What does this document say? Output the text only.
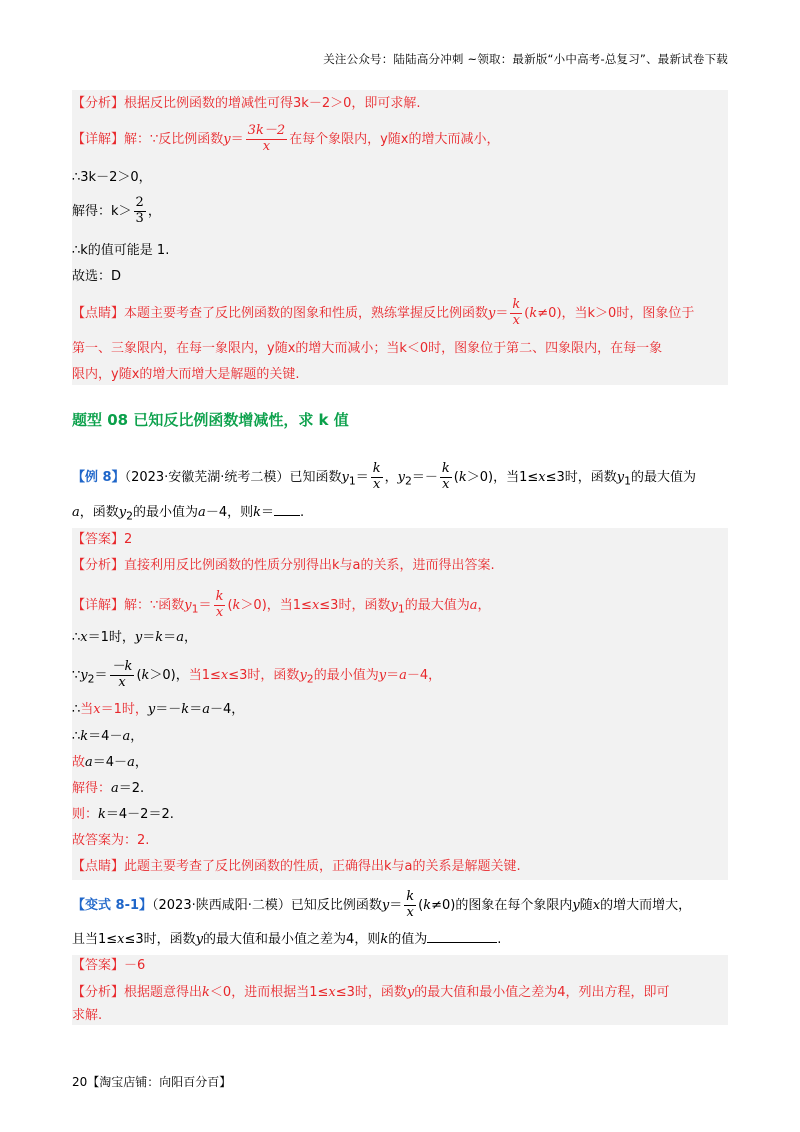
关注公众号：陆陆高分冲刺 ~领取：最新版“小中高考-总复习”、最新试卷下载
【分析】根据反比例函数的增减性可得3k－2＞0，即可求解.
【详解】解：∵反比例函数$y= \frac{3k-2}{x}$ 在每个象限内，y随x的增大而减小，
∴3k－2＞0，
解得：$k> \frac{2}{3}$ ，
∴k的值可能是 1.
故选：D
【点睛】本题主要考查了反比例函数的图象和性质，熟练掌握反比例函数$y= \frac{k}{x} (k\ne 0)$，当k＞0时，图象位于
第一、三象限内，在每一象限内，y随x的增大而减小；当k＜0时，图象位于第二、四象限内，在每一象
限内，y随x的增大而增大是解题的关键.
题型 08 已知反比例函数增减性，求 k 值
【例 8】（2023·安徽芜湖·统考二模）已知函数$y_1= \frac{k}{x}$ ，$y_2=- \frac{k}{x} (k>0)$，当1≤x≤3时，函数$y_1$的最大值为
a，函数$y_2$的最小值为a－4，则k＝ .
【答案】2
【分析】直接利用反比例函数的性质分别得出k与a的关系，进而得出答案.
【详解】解：∵函数$y_1= \frac{k}{x} (k>0)$，当1≤x≤3时，函数$y_1$的最大值为a，
∴x＝1时，y＝k＝a，
$\because y_2= \frac{-k}{x} (k>0)$，当1≤x≤3时，函数$y_2$的最小值为y＝a－4，
∴当x＝1时，y＝－k＝a－4，
∴k＝4－a，
故a＝4－a，
解得：a＝2.
则：k＝4－2＝2.
故答案为：2.
【点睛】此题主要考查了反比例函数的性质，正确得出k与a的关系是解题关键.
【变式 8-1】（2023·陕西咸阳·二模）已知反比例函数$y= \frac{k}{x} (k\ne 0)$的图象在每个象限内y随x的增大而增大，
且当1≤x≤3时，函数y的最大值和最小值之差为4，则k的值为	.
【答案】－6
【分析】根据题意得出k＜0，进而根据当1≤x≤3时，函数y的最大值和最小值之差为4，列出方程，即可
求解.
20【淘宝店铺：向阳百分百】
